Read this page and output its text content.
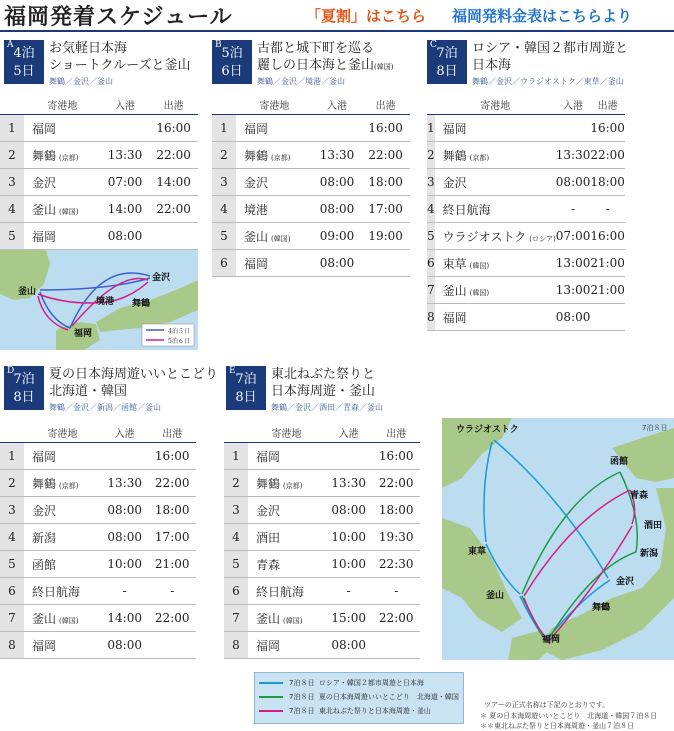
福岡発着スケジュール	「夏割」はこちら 福岡発料金表はこちらより
A
4泊
5日
お気軽日本海
ショートクルーズと釜山
舞鶴／金沢／釜山
	寄港地	入港	出港
1	福岡		16:00
2	舞鶴 (京都)	13:30	22:00
3	金沢	07:00	14:00
4	釜山 (韓国)	14:00	22:00
5	福岡	08:00	
B
5泊
6日
古都と城下町を巡る
麗しの日本海と釜山(韓国)
舞鶴／金沢／境港／釜山
	寄港地	入港	出港
1	福岡		16:00
2	舞鶴 (京都)	13:30	22:00
3	金沢	08:00	18:00
4	境港	08:00	17:00
5	釜山 (韓国)	09:00	19:00
6	福岡	08:00	
C
7泊
8日
ロシア・韓国２都市周遊と
日本海
舞鶴／金沢／ウラジオストク／東草／釜山
	寄港地	入港	出港
1	福岡		16:00
2	舞鶴 (京都)	13:30	22:00
3	金沢	08:00	18:00
4	終日航海	-	-
5	ウラジオストク (ロシア)	07:00	16:00
6	束草 (韓国)	13:00	21:00
7	釜山 (韓国)	13:00	21:00
8	福岡	08:00	
釜山
金沢
境港 舞鶴
福岡	4泊５日
5泊６日
D
7泊
8日
夏の日本海周遊いいとこどり
北海道・韓国
舞鶴／金沢／新潟／函館／釜山
	寄港地	入港	出港
1	福岡		16:00
2	舞鶴 (京都)	13:30	22:00
3	金沢	08:00	18:00
4	新潟	08:00	17:00
5	函館	10:00	21:00
6	終日航海	-	-
7	釜山 (韓国)	14:00	22:00
8	福岡	08:00	
E
7泊
8日
東北ねぶた祭りと
日本海周遊・釜山
舞鶴／金沢／酒田／青森／釜山
	寄港地	入港	出港
1	福岡		16:00
2	舞鶴 (京都)	13:30	22:00
3	金沢	08:00	18:00
4	酒田	10:00	19:30
5	青森	10:00	22:30
6	終日航海	-	-
7	釜山 (韓国)	15:00	22:00
8	福岡	08:00	
7泊８日
ウラジオストク
函館
青森
酒田
新潟
東草
金沢
釜山
舞鶴
福岡
7泊８日 ロシア・韓国２都市周遊と日本海
7泊８日 夏の日本海周遊いいとこどり　北海道・韓国
7泊８日 東北ねぶた祭りと日本海周遊・釜山
ツアーの正式名称は下記のとおりです。
＊ 夏の日本海周遊いいとこどり　北海道・韓国７泊８日
＊＊東北ねぶた祭りと日本海周遊・釜山７泊８日
